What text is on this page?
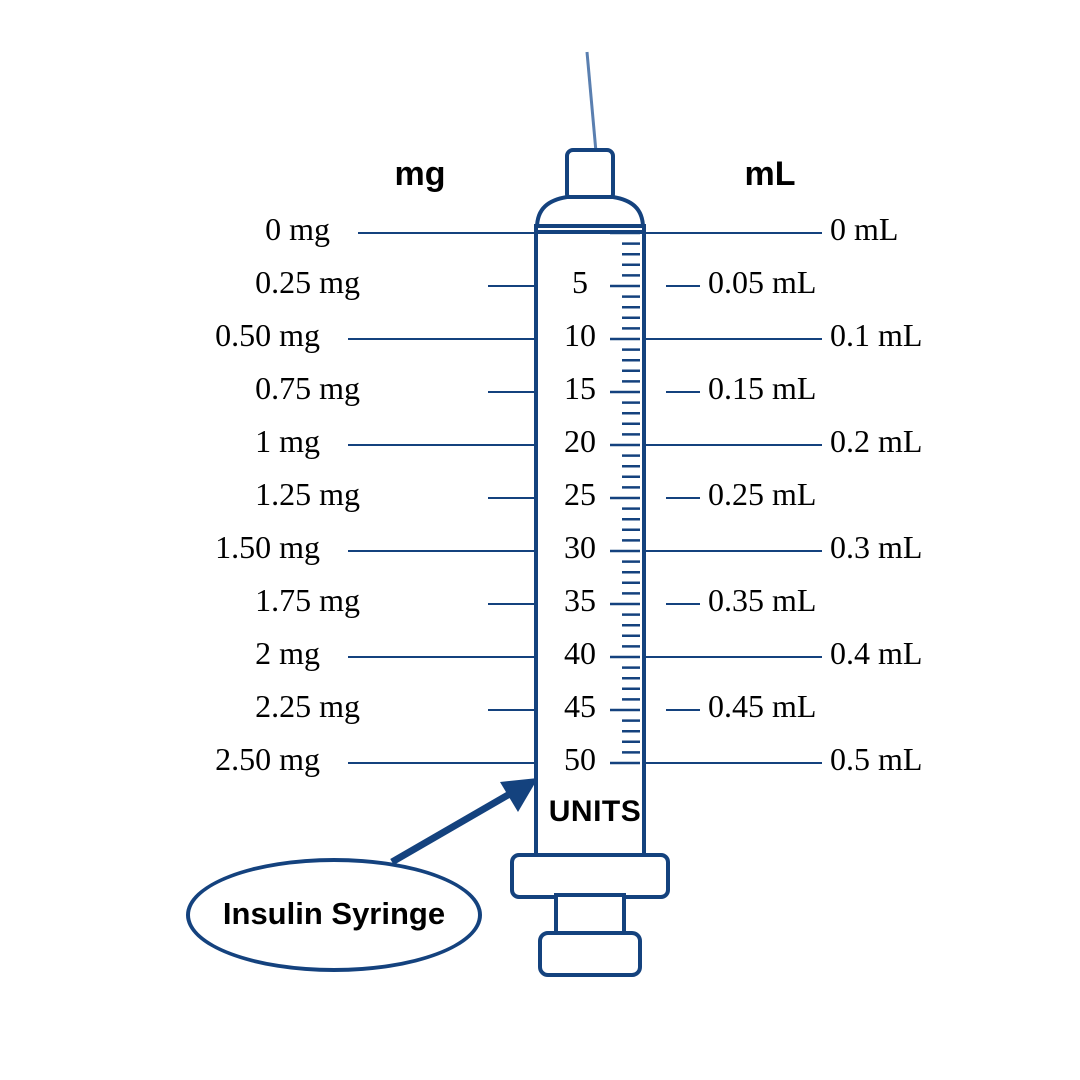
mg	mL
0 mg	0 mL
0.25 mg	5	0.05 mL
0.50 mg	10	0.1 mL
0.75 mg	15	0.15 mL
1 mg	20	0.2 mL
1.25 mg	25	0.25 mL
1.50 mg	30	0.3 mL
1.75 mg	35	0.35 mL
2 mg	40	0.4 mL
2.25 mg	45	0.45 mL
2.50 mg	50	0.5 mL
UNITS
Insulin Syringe
